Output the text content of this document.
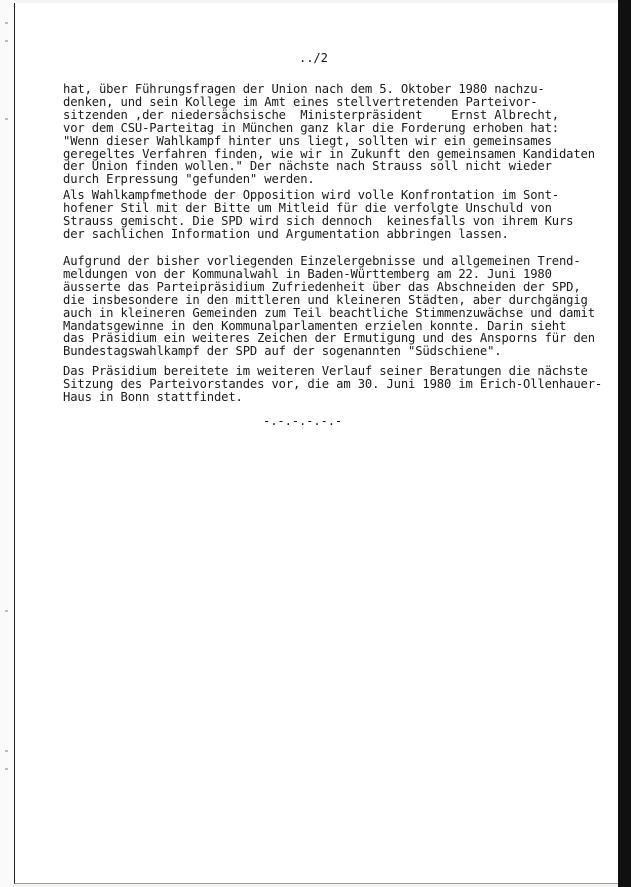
../2
hat, über Führungsfragen der Union nach dem 5. Oktober 1980 nachzu-
denken, und sein Kollege im Amt eines stellvertretenden Parteivor-
sitzenden ,der niedersächsische  Ministerpräsident    Ernst Albrecht,
vor dem CSU-Parteitag in München ganz klar die Forderung erhoben hat:
"Wenn dieser Wahlkampf hinter uns liegt, sollten wir ein gemeinsames
geregeltes Verfahren finden, wie wir in Zukunft den gemeinsamen Kandidaten
der Union finden wollen." Der nächste nach Strauss soll nicht wieder
durch Erpressung "gefunden" werden.
Als Wahlkampfmethode der Opposition wird volle Konfrontation im Sont-
hofener Stil mit der Bitte um Mitleid für die verfolgte Unschuld von
Strauss gemischt. Die SPD wird sich dennoch  keinesfalls von ihrem Kurs
der sachlichen Information und Argumentation abbringen lassen.
Aufgrund der bisher vorliegenden Einzelergebnisse und allgemeinen Trend-
meldungen von der Kommunalwahl in Baden-Württemberg am 22. Juni 1980
äusserte das Parteipräsidium Zufriedenheit über das Abschneiden der SPD,
die insbesondere in den mittleren und kleineren Städten, aber durchgängig
auch in kleineren Gemeinden zum Teil beachtliche Stimmenzuwächse und damit
Mandatsgewinne in den Kommunalparlamenten erzielen konnte. Darin sieht
das Präsidium ein weiteres Zeichen der Ermutigung und des Ansporns für den
Bundestagswahlkampf der SPD auf der sogenannten "Südschiene".
Das Präsidium bereitete im weiteren Verlauf seiner Beratungen die nächste
Sitzung des Parteivorstandes vor, die am 30. Juni 1980 im Erich-Ollenhauer-
Haus in Bonn stattfindet.
-.-.-.-.-.-
